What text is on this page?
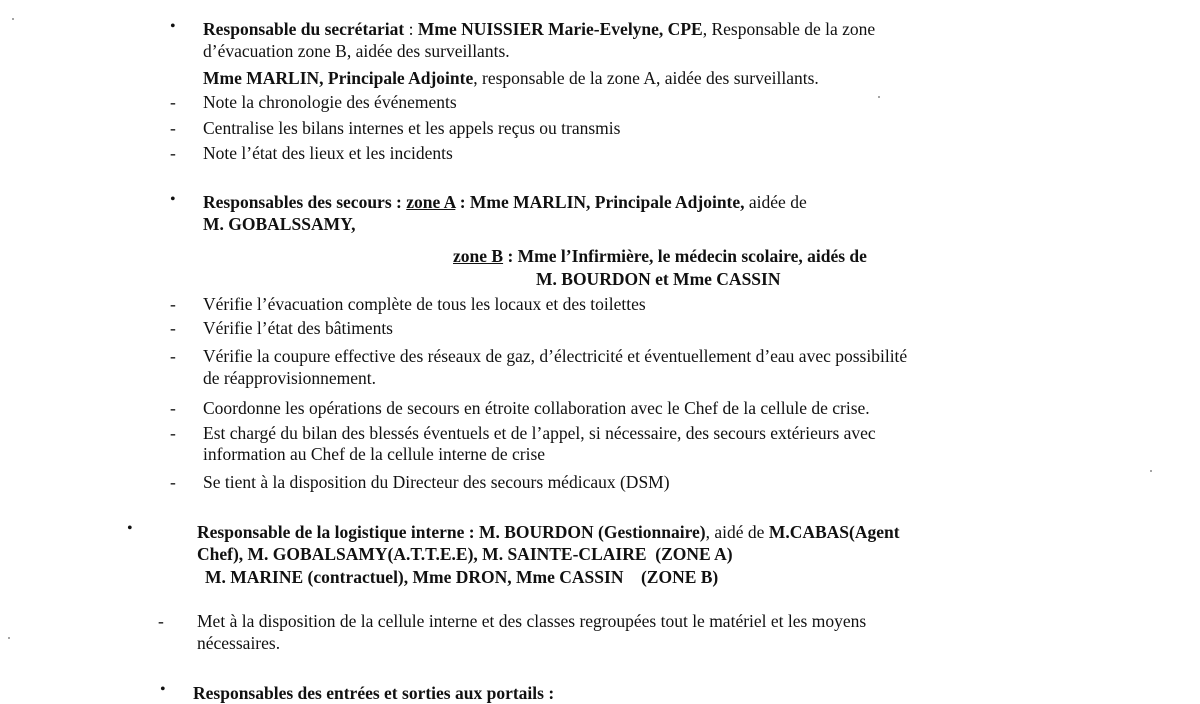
• Responsable du secrétariat : Mme NUISSIER Marie-Evelyne, CPE, Responsable de la zone
d’évacuation zone B, aidée des surveillants.
Mme MARLIN, Principale Adjointe, responsable de la zone A, aidée des surveillants.
- Note la chronologie des événements
- Centralise les bilans internes et les appels reçus ou transmis
- Note l’état des lieux et les incidents
• Responsables des secours : zone A : Mme MARLIN, Principale Adjointe, aidée de
M. GOBALSSAMY,
zone B : Mme l’Infirmière, le médecin scolaire, aidés de
M. BOURDON et Mme CASSIN
- Vérifie l’évacuation complète de tous les locaux et des toilettes
- Vérifie l’état des bâtiments
- Vérifie la coupure effective des réseaux de gaz, d’électricité et éventuellement d’eau avec possibilité
de réapprovisionnement.
- Coordonne les opérations de secours en étroite collaboration avec le Chef de la cellule de crise.
- Est chargé du bilan des blessés éventuels et de l’appel, si nécessaire, des secours extérieurs avec
information au Chef de la cellule interne de crise
- Se tient à la disposition du Directeur des secours médicaux (DSM)
•	Responsable de la logistique interne : M. BOURDON (Gestionnaire), aidé de M.CABAS(Agent
Chef), M. GOBALSAMY(A.T.T.E.E), M. SAINTE-CLAIRE  (ZONE A)
M. MARINE (contractuel), Mme DRON, Mme CASSIN    (ZONE B)
- Met à la disposition de la cellule interne et des classes regroupées tout le matériel et les moyens
nécessaires.
• Responsables des entrées et sorties aux portails :
